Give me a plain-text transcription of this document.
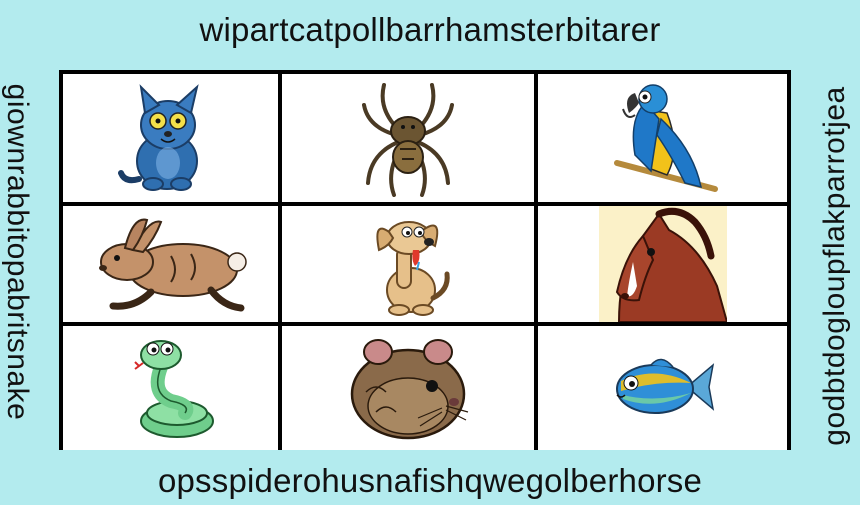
wipartcatpollbarrhamsterbitarer
giownrabbitopabritsnake	godbtdogloupflakparrotjea
opsspiderohusnafishqwegolberhorse
